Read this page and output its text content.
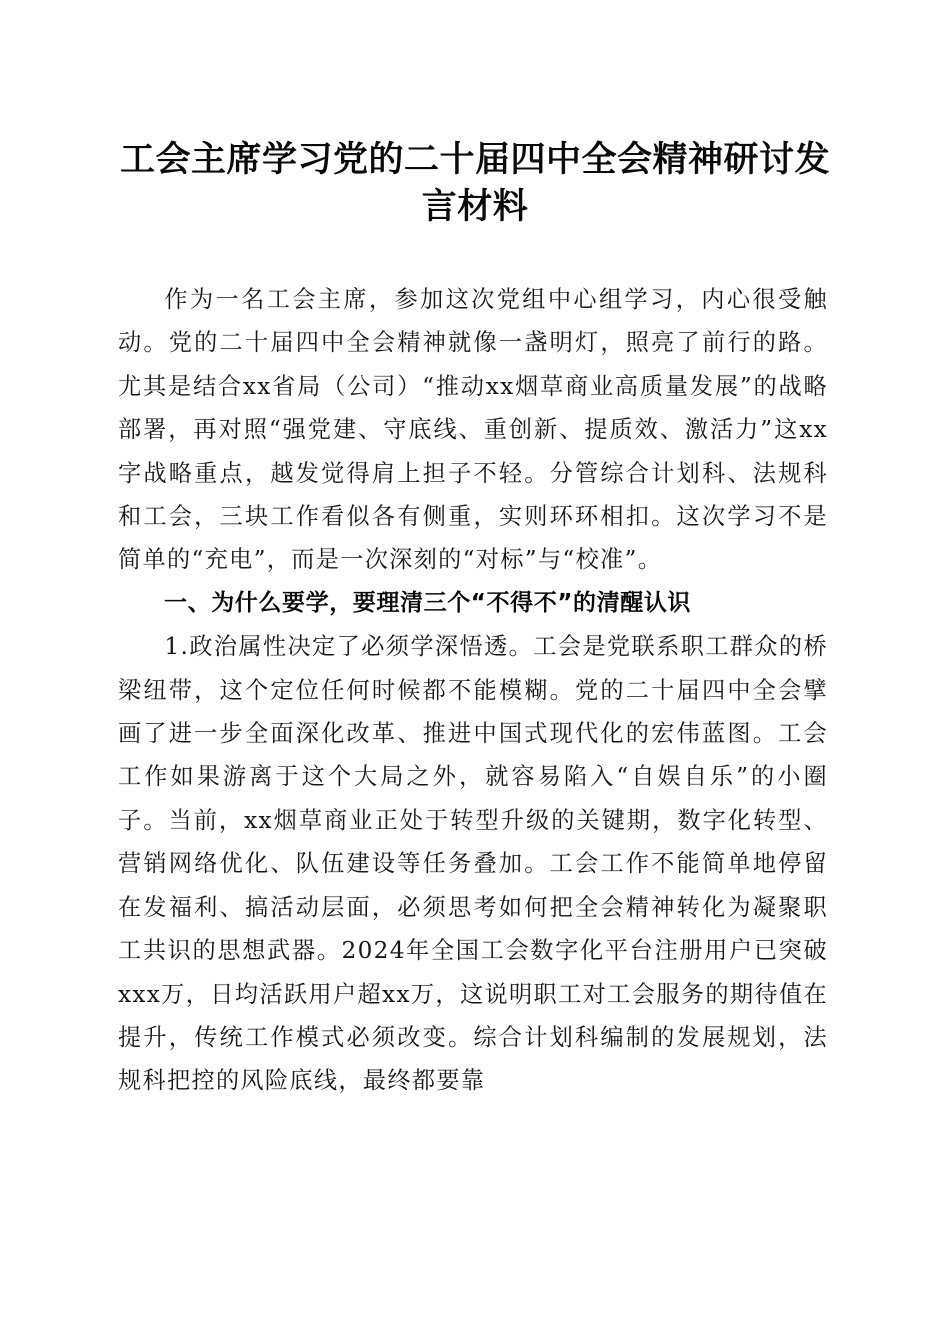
工会主席学习党的二十届四中全会精神研讨发言材料

作为一名工会主席，参加这次党组中心组学习，内心很受触动。党的二十届四中全会精神就像一盏明灯，照亮了前行的路。尤其是结合xx省局（公司）“推动xx烟草商业高质量发展”的战略部署，再对照“强党建、守底线、重创新、提质效、激活力”这xx字战略重点，越发觉得肩上担子不轻。分管综合计划科、法规科和工会，三块工作看似各有侧重，实则环环相扣。这次学习不是简单的“充电”，而是一次深刻的“对标”与“校准”。

一、为什么要学，要理清三个“不得不”的清醒认识

1.政治属性决定了必须学深悟透。工会是党联系职工群众的桥梁纽带，这个定位任何时候都不能模糊。党的二十届四中全会擘画了进一步全面深化改革、推进中国式现代化的宏伟蓝图。工会工作如果游离于这个大局之外，就容易陷入“自娱自乐”的小圈子。当前，xx烟草商业正处于转型升级的关键期，数字化转型、营销网络优化、队伍建设等任务叠加。工会工作不能简单地停留在发福利、搞活动层面，必须思考如何把全会精神转化为凝聚职工共识的思想武器。2024年全国工会数字化平台注册用户已突破xxx万，日均活跃用户超xx万，这说明职工对工会服务的期待值在提升，传统工作模式必须改变。综合计划科编制的发展规划，法规科把控的风险底线，最终都要靠
